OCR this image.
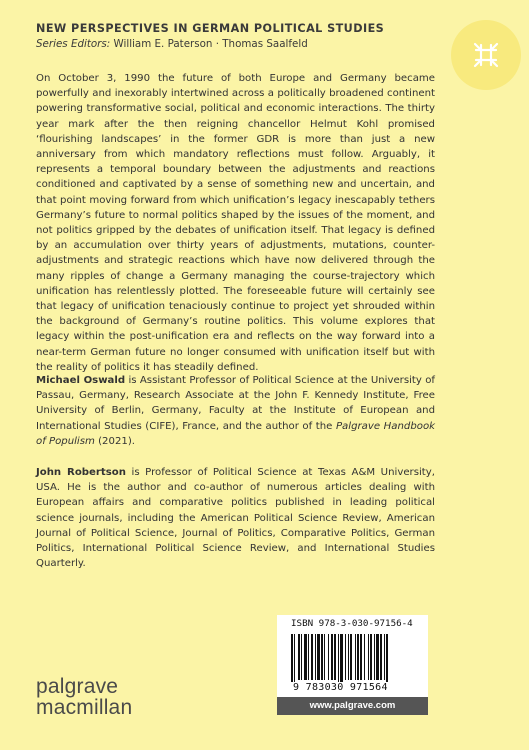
NEW PERSPECTIVES IN GERMAN POLITICAL STUDIES
Series Editors: William E. Paterson · Thomas Saalfeld

On October 3, 1990 the future of both Europe and Germany became powerfully and inexorably intertwined across a politically broadened continent powering transformative social, political and economic interactions. The thirty year mark after the then reigning chancellor Helmut Kohl promised ‘flourishing landscapes’ in the former GDR is more than just a new anniversary from which mandatory reflections must follow. Arguably, it represents a temporal boundary between the adjustments and reactions conditioned and captivated by a sense of something new and uncertain, and that point moving forward from which unification’s legacy inescapably tethers Germany’s future to normal politics shaped by the issues of the moment, and not politics gripped by the debates of unification itself. That legacy is defined by an accumulation over thirty years of adjustments, mutations, counter-adjustments and strategic reactions which have now delivered through the many ripples of change a Germany managing the course-trajectory which unification has relentlessly plotted. The foreseeable future will certainly see that legacy of unification tenaciously continue to project yet shrouded within the background of Germany’s routine politics. This volume explores that legacy within the post-unification era and reflects on the way forward into a near-term German future no longer consumed with unification itself but with the reality of politics it has steadily defined.

Michael Oswald is Assistant Professor of Political Science at the University of Passau, Germany, Research Associate at the John F. Kennedy Institute, Free University of Berlin, Germany, Faculty at the Institute of European and International Studies (CIFE), France, and the author of the Palgrave Handbook of Populism (2021).

John Robertson is Professor of Political Science at Texas A&M University, USA. He is the author and co-author of numerous articles dealing with European affairs and comparative politics published in leading political science journals, including the American Political Science Review, American Journal of Political Science, Journal of Politics, Comparative Politics, German Politics, International Political Science Review, and International Studies Quarterly.

ISBN 978-3-030-97156-4
9 783030 971564
www.palgrave.com
palgrave
macmillan
